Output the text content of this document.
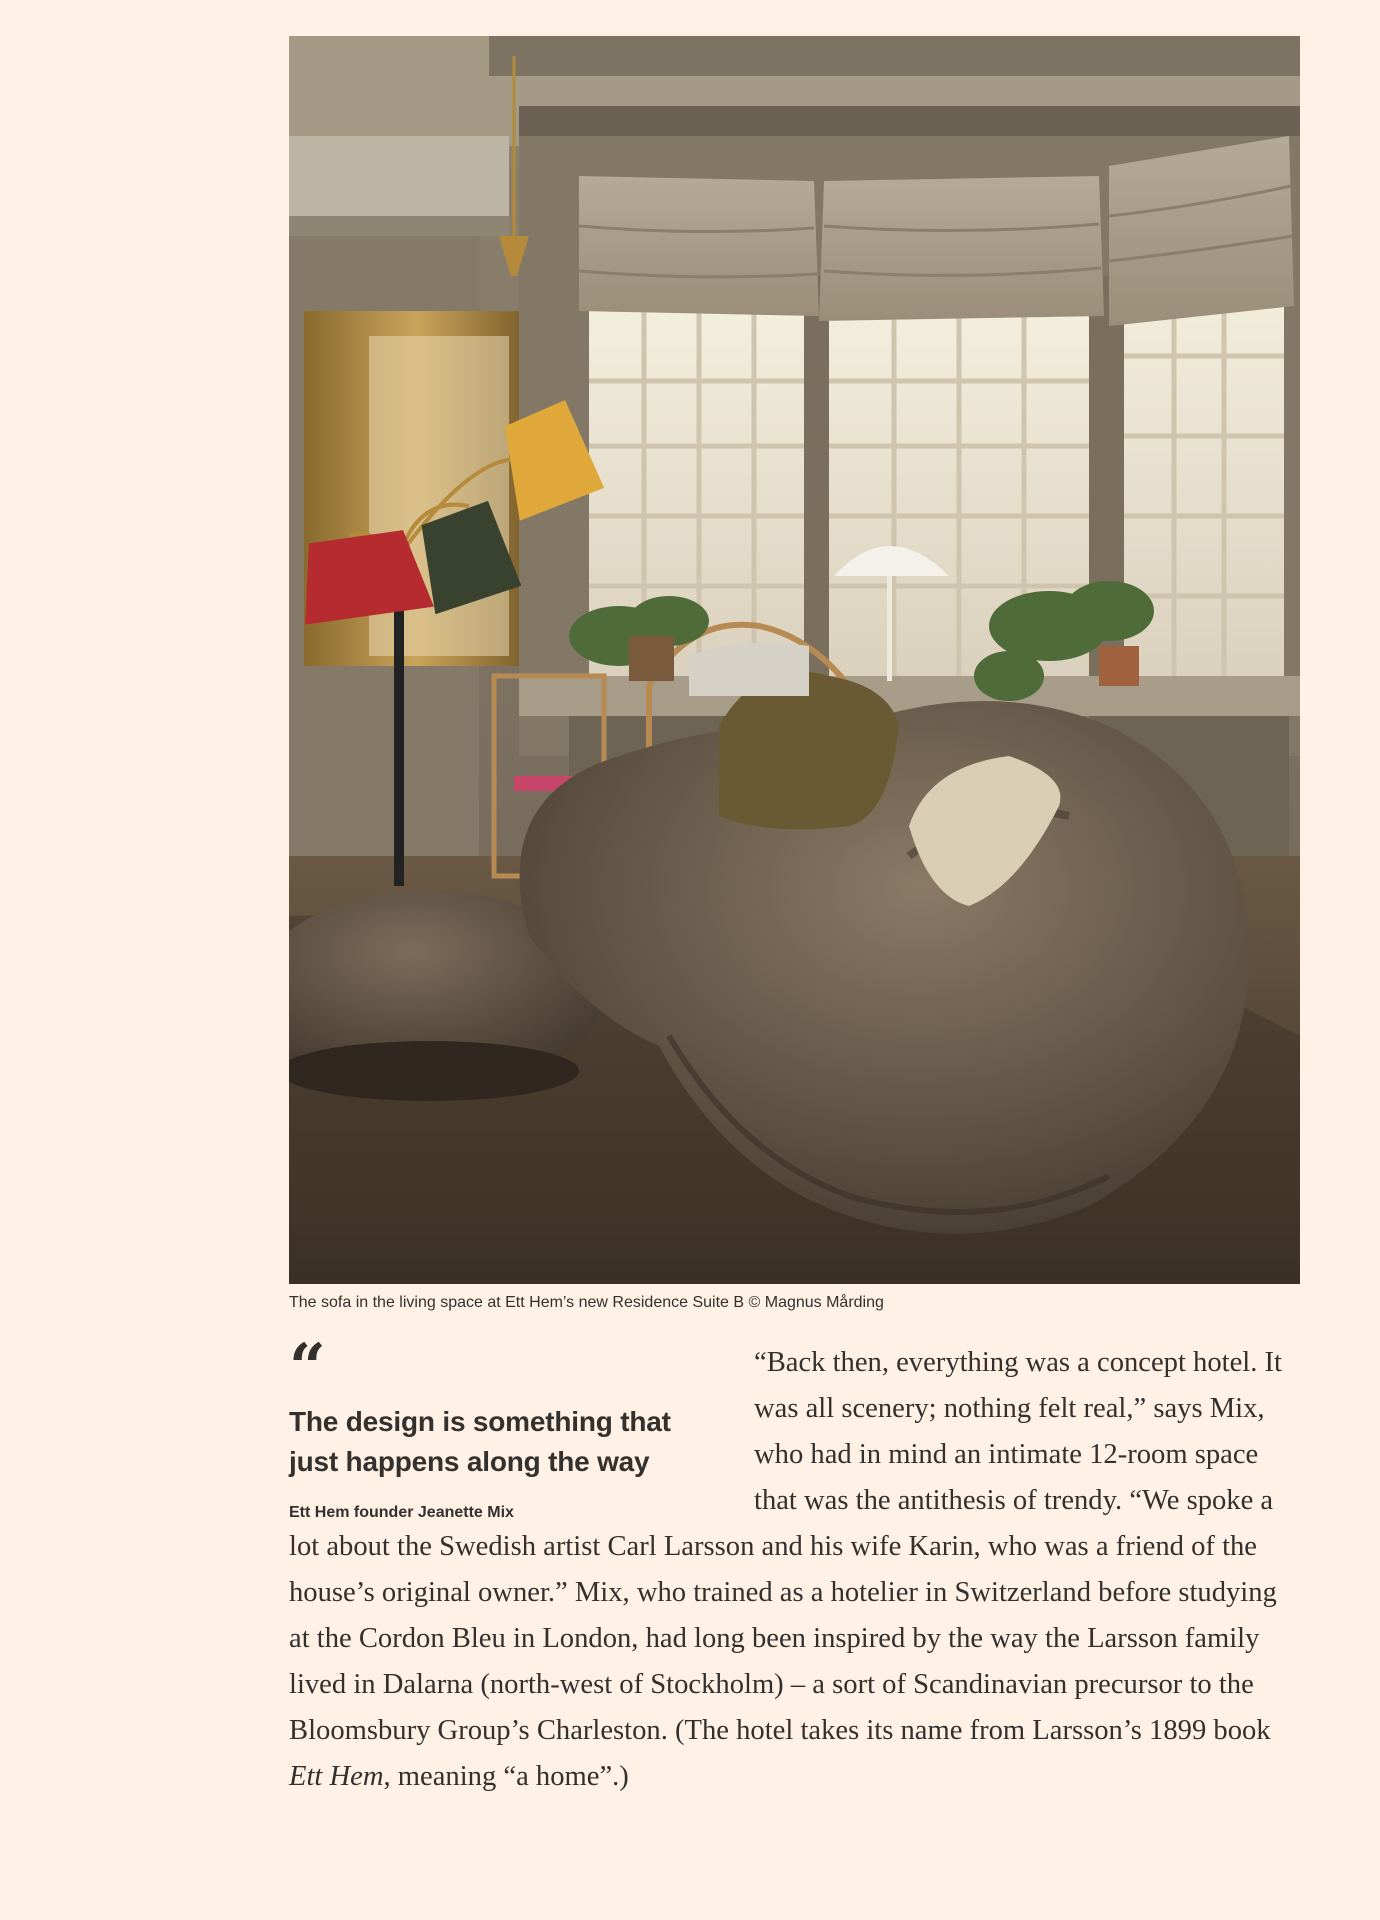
The sofa in the living space at Ett Hem’s new Residence Suite B © Magnus Mårding
“
The design is something that just happens along the way
Ett Hem founder Jeanette Mix

“Back then, everything was a concept hotel. It was all scenery; nothing felt real,” says Mix, who had in mind an intimate 12-room space that was the antithesis of trendy. “We spoke a lot about the Swedish artist Carl Larsson and his wife Karin, who was a friend of the house’s original owner.” Mix, who trained as a hotelier in Switzerland before studying at the Cordon Bleu in London, had long been inspired by the way the Larsson family lived in Dalarna (north-west of Stockholm) – a sort of Scandinavian precursor to the Bloomsbury Group’s Charleston. (The hotel takes its name from Larsson’s 1899 book Ett Hem, meaning “a home”.)
